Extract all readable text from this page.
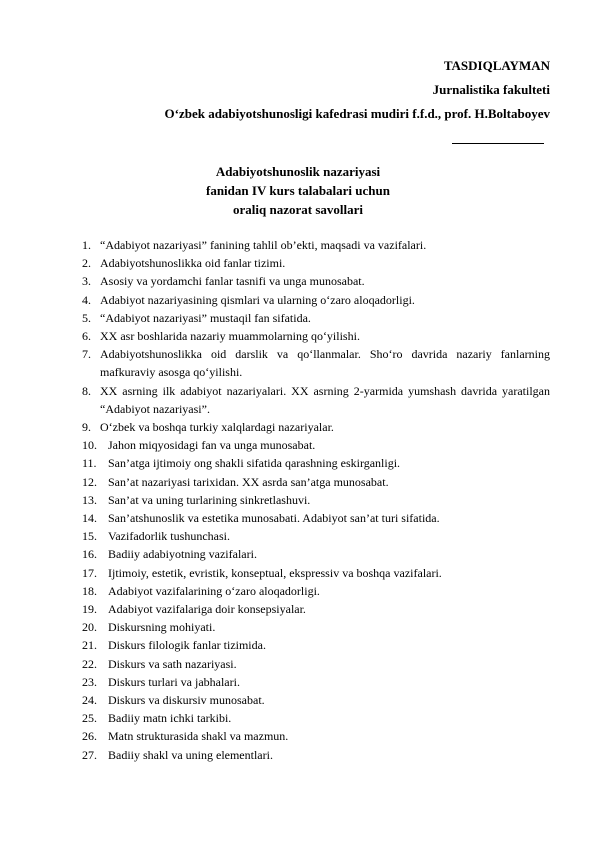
TASDIQLAYMAN
Jurnalistika fakulteti
O‘zbek adabiyotshunosligi kafedrasi mudiri f.f.d., prof. H.Boltaboyev
Adabiyotshunoslik nazariyasi
fanidan IV kurs talabalari uchun
oraliq nazorat savollari
1. “Adabiyot nazariyasi” fanining tahlil ob’ekti, maqsadi va vazifalari.
2. Adabiyotshunoslikka oid fanlar tizimi.
3. Asosiy va yordamchi fanlar tasnifi va unga munosabat.
4. Adabiyot nazariyasining qismlari va ularning o‘zaro aloqadorligi.
5. “Adabiyot nazariyasi” mustaqil fan sifatida.
6. XX asr boshlarida nazariy muammolarning qo‘yilishi.
7. Adabiyotshunoslikka oid darslik va qo‘llanmalar. Sho‘ro davrida nazariy fanlarning mafkuraviy asosga qo‘yilishi.
8. XX asrning ilk adabiyot nazariyalari. XX asrning 2-yarmida yumshash davrida yaratilgan “Adabiyot nazariyasi”.
9. O‘zbek va boshqa turkiy xalqlardagi nazariyalar.
10. Jahon miqyosidagi fan va unga munosabat.
11. San’atga ijtimoiy ong shakli sifatida qarashning eskirganligi.
12. San’at nazariyasi tarixidan. XX asrda san’atga munosabat.
13. San’at va uning turlarining sinkretlashuvi.
14. San’atshunoslik va estetika munosabati. Adabiyot san’at turi sifatida.
15. Vazifadorlik tushunchasi.
16. Badiiy adabiyotning vazifalari.
17. Ijtimoiy, estetik, evristik, konseptual, ekspressiv va boshqa vazifalari.
18. Adabiyot vazifalarining o‘zaro aloqadorligi.
19. Adabiyot vazifalariga doir konsepsiyalar.
20. Diskursning mohiyati.
21. Diskurs filologik fanlar tizimida.
22. Diskurs va sath nazariyasi.
23. Diskurs turlari va jabhalari.
24. Diskurs va diskursiv munosabat.
25. Badiiy matn ichki tarkibi.
26. Matn strukturasida shakl va mazmun.
27. Badiiy shakl va uning elementlari.
